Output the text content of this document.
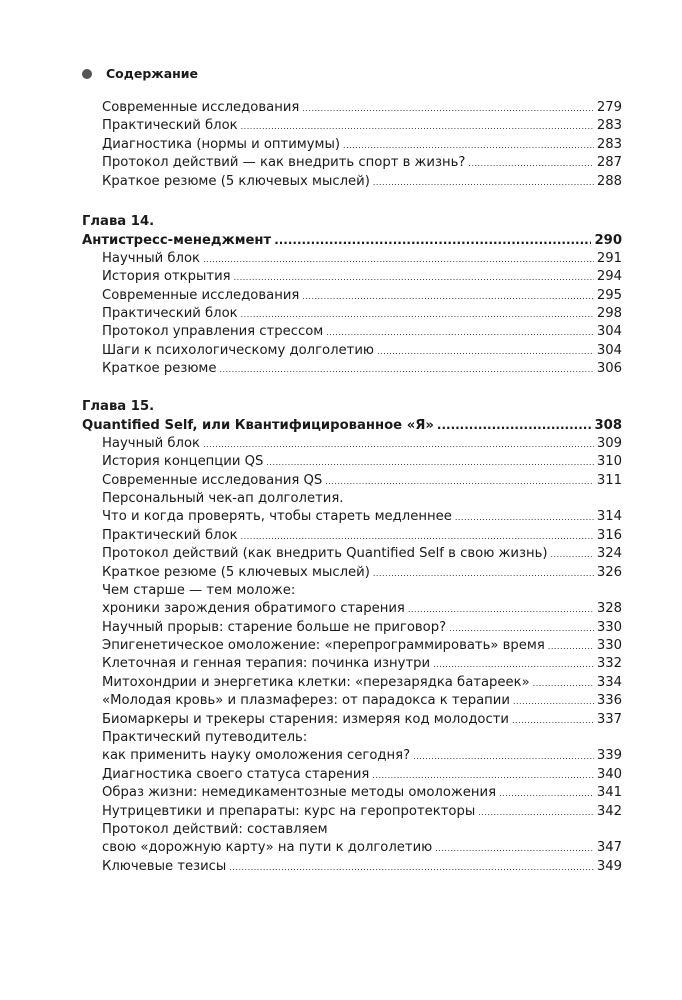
Содержание
Современные исследования .....	279
Практический блок .....	283
Диагностика (нормы и оптимумы) .....	283
Протокол действий — как внедрить спорт в жизнь? .....	287
Краткое резюме (5 ключевых мыслей) .....	288
Глава 14.
Антистресс-менеджмент .....	290
Научный блок .....	291
История открытия .....	294
Современные исследования .....	295
Практический блок .....	298
Протокол управления стрессом .....	304
Шаги к психологическому долголетию .....	304
Краткое резюме .....	306
Глава 15.
Quantified Self, или Квантифицированное «Я» .....	308
Научный блок .....	309
История концепции QS .....	310
Современные исследования QS .....	311
Персональный чек-ап долголетия.
Что и когда проверять, чтобы стареть медленнее .....	314
Практический блок .....	316
Протокол действий (как внедрить Quantified Self в свою жизнь) .....	324
Краткое резюме (5 ключевых мыслей) .....	326
Чем старше — тем моложе:
хроники зарождения обратимого старения .....	328
Научный прорыв: старение больше не приговор? .....	330
Эпигенетическое омоложение: «перепрограммировать» время .....	330
Клеточная и генная терапия: починка изнутри .....	332
Митохондрии и энергетика клетки: «перезарядка батареек» .....	334
«Молодая кровь» и плазмаферез: от парадокса к терапии .....	336
Биомаркеры и трекеры старения: измеряя код молодости .....	337
Практический путеводитель:
как применить науку омоложения сегодня? .....	339
Диагностика своего статуса старения .....	340
Образ жизни: немедикаментозные методы омоложения .....	341
Нутрицевтики и препараты: курс на геропротекторы .....	342
Протокол действий: составляем
свою «дорожную карту» на пути к долголетию .....	347
Ключевые тезисы .....	349
